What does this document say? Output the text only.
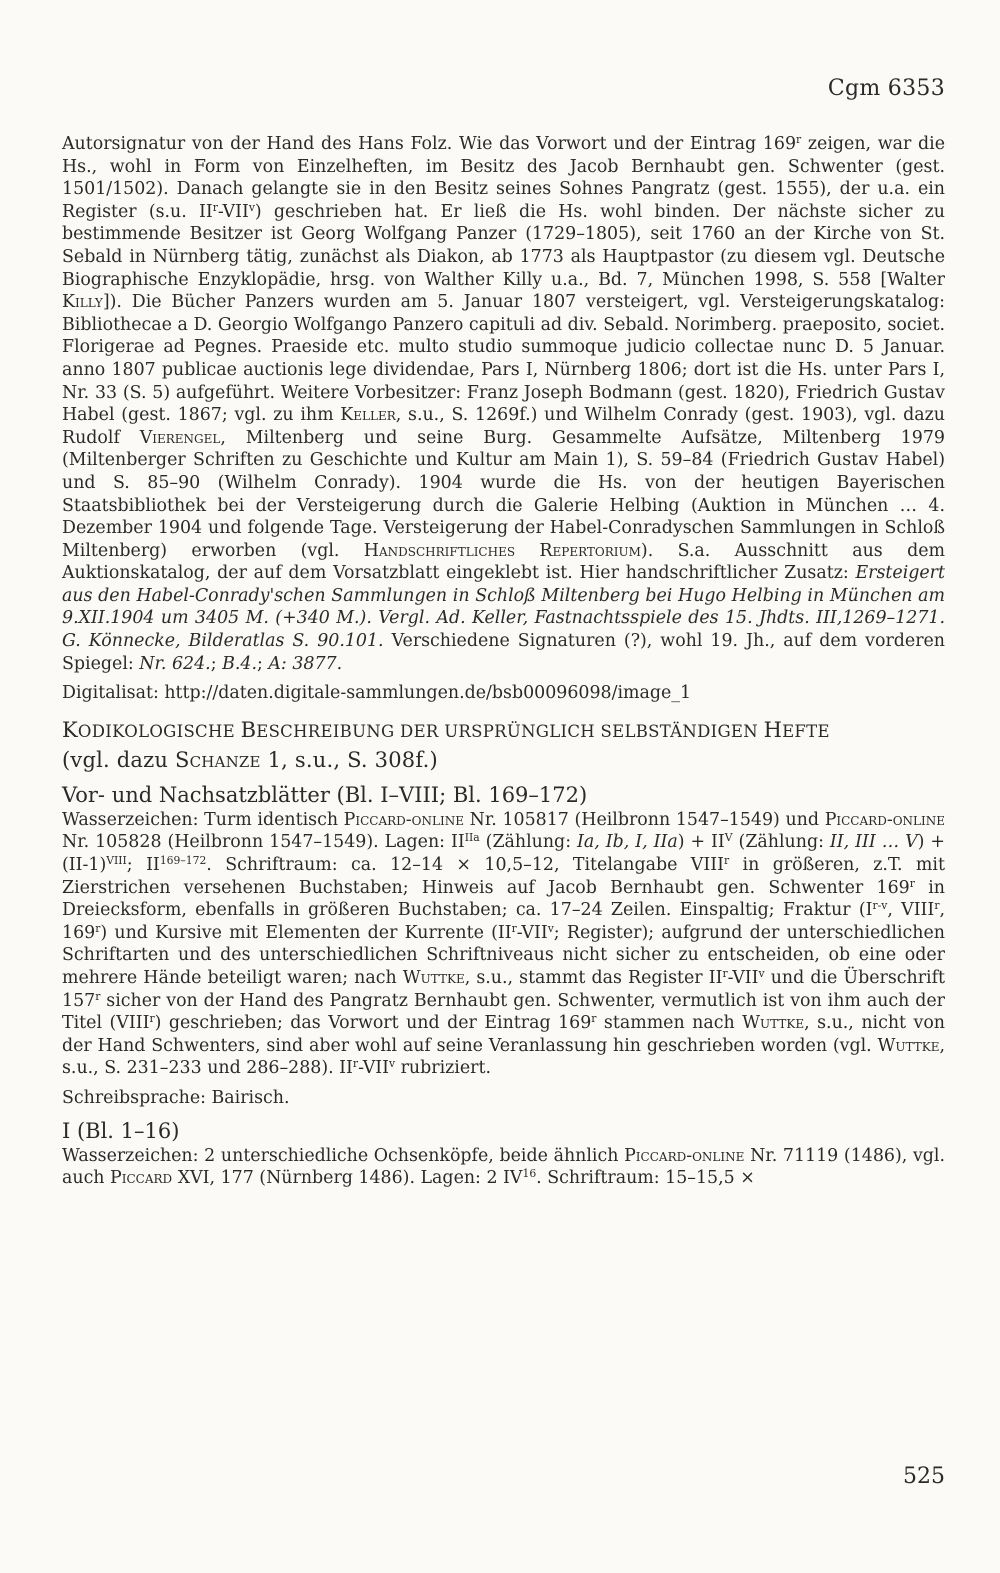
Cgm 6353

Autorsignatur von der Hand des Hans Folz. Wie das Vorwort und der Eintrag 169$^r$ zeigen, war die Hs., wohl in Form von Einzelheften, im Besitz des Jacob Bernhaubt gen. Schwenter (gest. 1501/1502). Danach gelangte sie in den Besitz seines Sohnes Pangratz (gest. 1555), der u.a. ein Register (s.u. $II^r-VII^v$) geschrieben hat. Er ließ die Hs. wohl binden. Der nächste sicher zu bestimmende Besitzer ist Georg Wolfgang Panzer (1729–1805), seit 1760 an der Kirche von St. Sebald in Nürnberg tätig, zunächst als Diakon, ab 1773 als Hauptpastor (zu diesem vgl. Deutsche Biographische Enzyklopädie, hrsg. von Walther Killy u.a., Bd. 7, München 1998, S. 558 [Walter Killy]). Die Bücher Panzers wurden am 5. Januar 1807 versteigert, vgl. Versteigerungskatalog: Bibliothecae a D. Georgio Wolfgango Panzero capituli ad div. Sebald. Norimberg. praeposito, societ. Florigerae ad Pegnes. Praeside etc. multo studio summoque judicio collectae nunc D. 5 Januar. anno 1807 publicae auctionis lege dividendae, Pars I, Nürnberg 1806; dort ist die Hs. unter Pars I, Nr. 33 (S. 5) aufgeführt. Weitere Vorbesitzer: Franz Joseph Bodmann (gest. 1820), Friedrich Gustav Habel (gest. 1867; vgl. zu ihm Keller, s.u., S. 1269f.) und Wilhelm Conrady (gest. 1903), vgl. dazu Rudolf Vierengel, Miltenberg und seine Burg. Gesammelte Aufsätze, Miltenberg 1979 (Miltenberger Schriften zu Geschichte und Kultur am Main 1), S. 59–84 (Friedrich Gustav Habel) und S. 85–90 (Wilhelm Conrady). 1904 wurde die Hs. von der heutigen Bayerischen Staatsbibliothek bei der Versteigerung durch die Galerie Helbing (Auktion in München … 4. Dezember 1904 und folgende Tage. Versteigerung der Habel-Conradyschen Sammlungen in Schloß Miltenberg) erworben (vgl. Handschriftliches Repertorium). S.a. Ausschnitt aus dem Auktionskatalog, der auf dem Vorsatzblatt eingeklebt ist. Hier handschriftlicher Zusatz: Ersteigert aus den Habel-Conrady'schen Sammlungen in Schloß Miltenberg bei Hugo Helbing in München am 9.XII.1904 um 3405 M. (+340 M.). Vergl. Ad. Keller, Fastnachtsspiele des 15. Jhdts. III,1269–1271. G. Könnecke, Bilderatlas S. 90.101. Verschiedene Signaturen (?), wohl 19. Jh., auf dem vorderen Spiegel: Nr. 624.; B.4.; A: 3877.

Digitalisat: http://daten.digitale-sammlungen.de/bsb00096098/image_1

KODIKOLOGISCHE BESCHREIBUNG DER URSPRÜNGLICH SELBSTÄNDIGEN HEFTE
(vgl. dazu Schanze 1, s.u., S. 308f.)
Vor- und Nachsatzblätter (Bl. I–VIII; Bl. 169–172)

Wasserzeichen: Turm identisch Piccard-online Nr. 105817 (Heilbronn 1547–1549) und Piccard-online Nr. 105828 (Heilbronn 1547–1549). Lagen: $II^{IIa}$ (Zählung: Ia, Ib, I, $IIa) + II^V$ (Zählung: II, III … $V) + (II-1)^{VIII}$; II$^{169-172}$. Schriftraum: ca. 12–14 × 10,5–12, Titelangabe VIII$^r$ in größeren, z.T. mit Zierstrichen versehenen Buchstaben; Hinweis auf Jacob Bernhaubt gen. Schwenter 169$^r$ in Dreiecksform, ebenfalls in größeren Buchstaben; ca. 17–24 Zeilen. Einspaltig; Fraktur ($I^{r-v}$, VIII$^r$, 169$^r$) und Kursive mit Elementen der Kurrente ($II^r-VII^v$; Register); aufgrund der unterschiedlichen Schriftarten und des unterschiedlichen Schriftniveaus nicht sicher zu entscheiden, ob eine oder mehrere Hände beteiligt waren; nach Wuttke, s.u., stammt das Register $II^r-VII^v$ und die Überschrift 157$^r$ sicher von der Hand des Pangratz Bernhaubt gen. Schwenter, vermutlich ist von ihm auch der Titel (VIII$^r$) geschrieben; das Vorwort und der Eintrag 169$^r$ stammen nach Wuttke, s.u., nicht von der Hand Schwenters, sind aber wohl auf seine Veranlassung hin geschrieben worden (vgl. Wuttke, s.u., S. 231–233 und 286–288). $II^r-VII^v$ rubriziert.

Schreibsprache: Bairisch.

I (Bl. 1–16)

Wasserzeichen: 2 unterschiedliche Ochsenköpfe, beide ähnlich Piccard-online Nr. 71119 (1486), vgl. auch Piccard XVI, 177 (Nürnberg 1486). Lagen: 2 IV$^{16}$. Schriftraum: 15–15,5 ×

525
